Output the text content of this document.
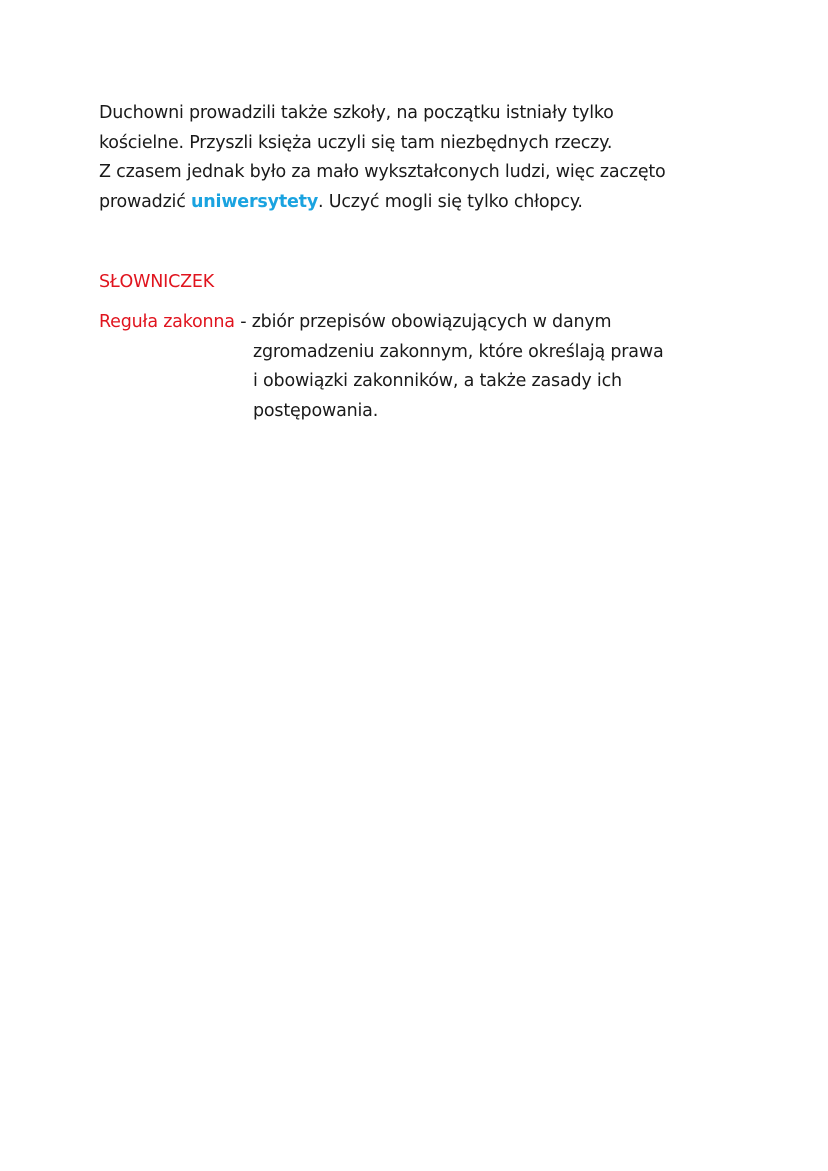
Duchowni prowadzili także szkoły, na początku istniały tylko
kościelne. Przyszli księża uczyli się tam niezbędnych rzeczy.
Z czasem jednak było za mało wykształconych ludzi, więc zaczęto
prowadzić uniwersytety. Uczyć mogli się tylko chłopcy.
SŁOWNICZEK
Reguła zakonna - zbiór przepisów obowiązujących w danym
zgromadzeniu zakonnym, które określają prawa
i obowiązki zakonników, a także zasady ich
postępowania.
